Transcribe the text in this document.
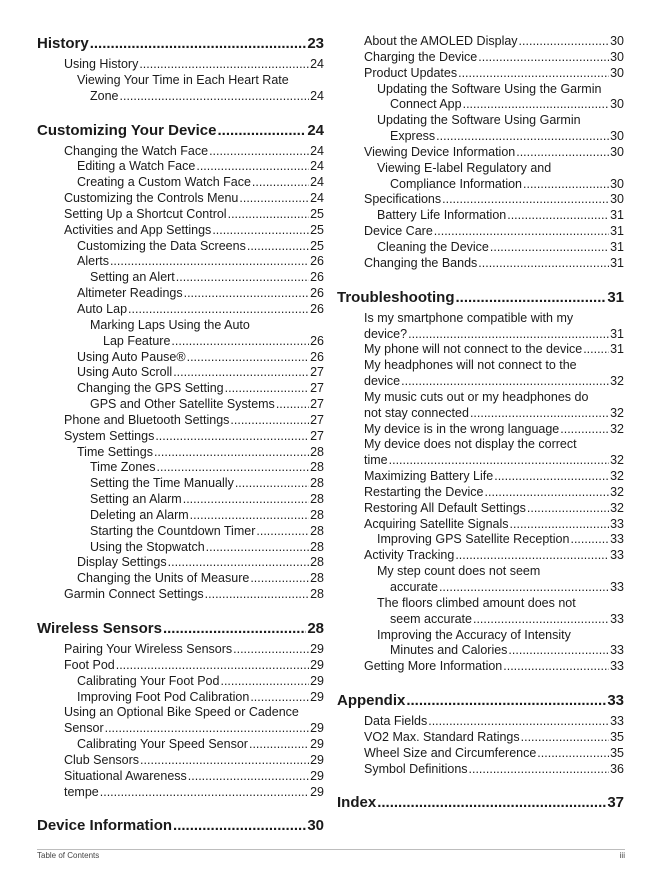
History .....	23
Using History .....	24
Viewing Your Time in Each Heart Rate
Zone .....	24
Customizing Your Device .....	24
Changing the Watch Face .....	24
Editing a Watch Face .....	24
Creating a Custom Watch Face .....	24
Customizing the Controls Menu .....	24
Setting Up a Shortcut Control .....	25
Activities and App Settings .....	25
Customizing the Data Screens .....	25
Alerts .....	26
Setting an Alert .....	26
Altimeter Readings .....	26
Auto Lap .....	26
Marking Laps Using the Auto
Lap Feature .....	26
Using Auto Pause® .....	26
Using Auto Scroll .....	27
Changing the GPS Setting .....	27
GPS and Other Satellite Systems .....	27
Phone and Bluetooth Settings .....	27
System Settings .....	27
Time Settings .....	28
Time Zones .....	28
Setting the Time Manually .....	28
Setting an Alarm .....	28
Deleting an Alarm .....	28
Starting the Countdown Timer .....	28
Using the Stopwatch .....	28
Display Settings .....	28
Changing the Units of Measure .....	28
Garmin Connect Settings .....	28
Wireless Sensors .....	28
Pairing Your Wireless Sensors .....	29
Foot Pod .....	29
Calibrating Your Foot Pod .....	29
Improving Foot Pod Calibration .....	29
Using an Optional Bike Speed or Cadence
Sensor .....	29
Calibrating Your Speed Sensor .....	29
Club Sensors .....	29
Situational Awareness .....	29
tempe .....	29
Device Information .....	30
About the AMOLED Display .....	30
Charging the Device .....	30
Product Updates .....	30
Updating the Software Using the Garmin
Connect App .....	30
Updating the Software Using Garmin
Express .....	30
Viewing Device Information .....	30
Viewing E-label Regulatory and
Compliance Information .....	30
Specifications .....	30
Battery Life Information .....	31
Device Care .....	31
Cleaning the Device .....	31
Changing the Bands .....	31
Troubleshooting .....	31
Is my smartphone compatible with my
device? .....	31
My phone will not connect to the device ..... 31
My headphones will not connect to the
device .....	32
My music cuts out or my headphones do
not stay connected .....	32
My device is in the wrong language .....	32
My device does not display the correct
time .....	32
Maximizing Battery Life .....	32
Restarting the Device .....	32
Restoring All Default Settings .....	32
Acquiring Satellite Signals .....	33
Improving GPS Satellite Reception .....	33
Activity Tracking .....	33
My step count does not seem
accurate .....	33
The floors climbed amount does not
seem accurate .....	33
Improving the Accuracy of Intensity
Minutes and Calories .....	33
Getting More Information .....	33
Appendix .....	33
Data Fields .....	33
VO2 Max. Standard Ratings .....	35
Wheel Size and Circumference .....	35
Symbol Definitions .....	36
Index .....	37
Table of Contents	iii
